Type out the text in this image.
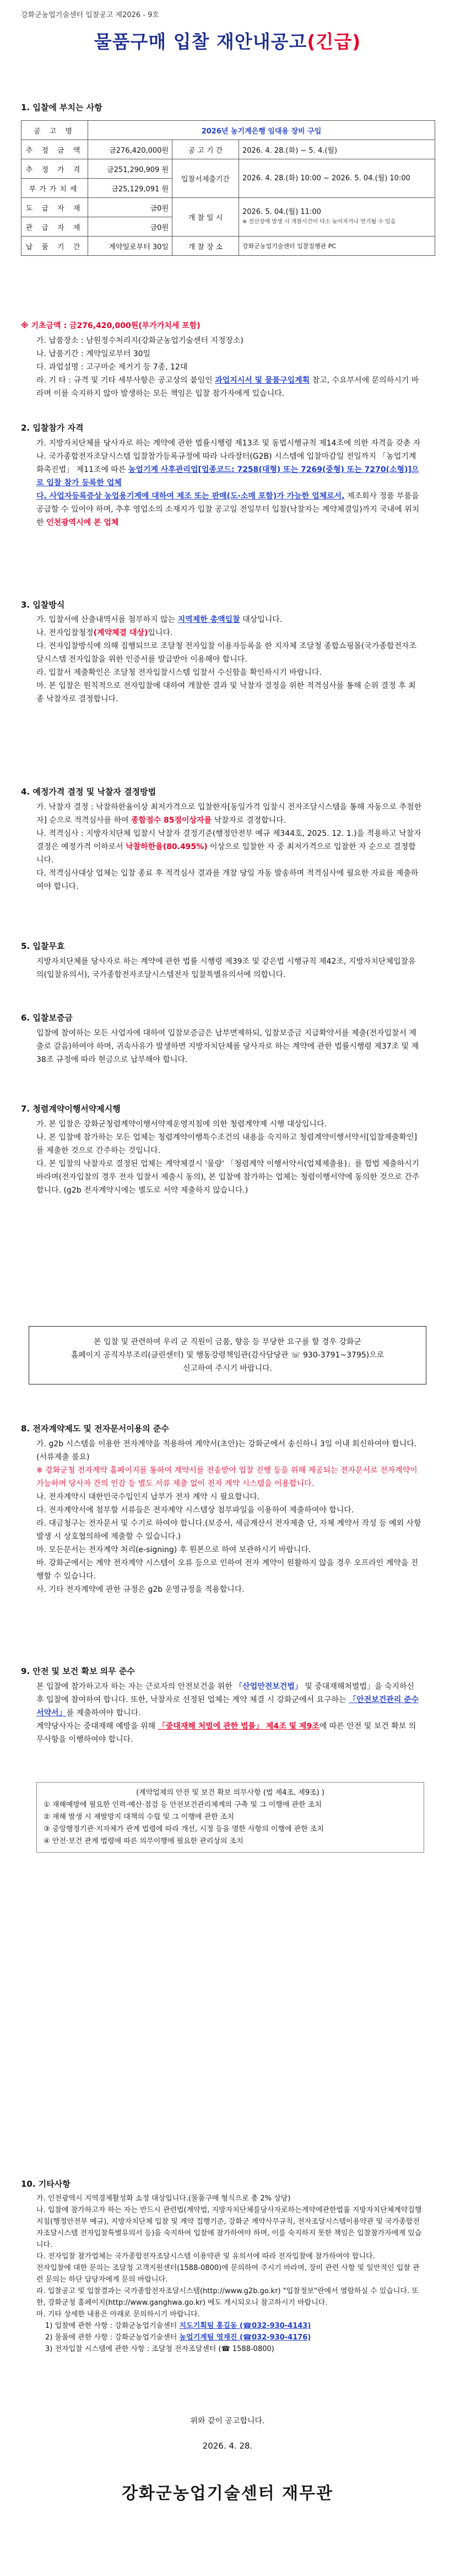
강화군농업기술센터 입찰공고 제2026 - 9호
물품구매 입찰 재안내공고(긴급)
1. 입찰에 부치는 사항
공 고 명	2026년 농기계은행 임대용 장비 구입		
추 정 금 액	금276,420,000원	공 고 기 간	2026. 4. 28.(화) ~ 5. 4.(월)
추 정 가 격	금251,290,909 원	입찰서제출기간	2026. 4. 28.(화) 10:00 ~ 2026. 5. 04.(월) 10:00
부가가치세	금25,129,091 원		
도 급 자 재	금0원	개 찰 일 시	2026. 5. 04.(월) 11:00
※ 전산장애 발생 시 개찰시간이 다소 늦어지거나 연기될 수 있음

관 급 자 재	금0원		
납 품 기 간	계약일로부터 30일	개 찰 장 소	강화군농업기술센터 입찰집행관 PC
※ 기초금액 : 금276,420,000원(부가가치세 포함)

가. 납품장소 : 남원정수처리지(강화군농업기술센터 지정장소)

나. 납품기간 : 계약일로부터 30일

다. 과업설명 : 고구마순 제거기 등 7종, 12대

라. 기 타 : 규격 및 기타 세부사항은 공고상의 붙임인 과업지시서 및 물품구입계획 참고, 수요부서에 문의하시기 바라며 이를 숙지하지 않아 발생하는 모든 책임은 입찰 참가자에게 있습니다.

2. 입찰참가 자격

가. 지방자치단체를 당사자로 하는 계약에 관한 법률시행령 제13조 및 동법시행규칙 제14조에 의한 자격을 갖춘 자

나. 국가종합전자조달시스템 입찰참가등록규정에 따라 나라장터(G2B) 시스템에 입찰마감일 전일까지 「농업기계화촉진법」 제11조에 따른 농업기계 사후관리업[업종코드: 7258(대형) 또는 7269(중형) 또는 7270(소형)]으로 입찰 참가 등록한 업체

다. 사업자등록증상 농업용기계에 대하여 제조 또는 판매(도·소매 포함)가 가능한 업체로서, 제조회사 정품 부품을 공급할 수 있어야 하며, 추후 영업소의 소재지가 입찰 공고일 전일부터 입찰(낙찰자는 계약체결일)까지 국내에 위치한 인천광역시에 본 업체

3. 입찰방식

가. 입찰서에 산출내역서를 첨부하지 않는 지역제한 총액입찰 대상입니다.

나. 전자입찰청정(계약체결 대상)입니다.

다. 전자입찰방식에 의해 집행되므로 조달청 전자입찰 이용자등록을 한 지자체 조달청 종합쇼핑몰(국가종합전자조달시스템 전자입찰을 위한 인증서를 발급받아 이용해야 합니다.

라. 입찰서 제출확인은 조달청 전자입찰시스템 입찰서 수신함을 확인하시기 바랍니다.

마. 본 입찰은 원칙적으로 전자입찰에 대하여 개찰한 결과 및 낙찰자 결정을 위한 적격심사를 통해 순위 결정 후 최종 낙찰자로 결정합니다.

4. 예정가격 결정 및 낙찰자 결정방법

가. 낙찰자 결정 : 낙찰하한율이상 최저가격으로 입찰한자[동일가격 입찰시 전자조달시스템을 통해 자동으로 추첨한 자] 순으로 적격심사를 하여 종합점수 85점이상자를 낙찰자로 결정합니다.

나. 적격심사 : 지방자치단체 입찰시 낙찰자 결정기준(행정안전부 예규 제344호, 2025. 12. 1.)을 적용하고 낙찰자 결정은 예정가격 이하로서 낙찰하한율(80.495%) 이상으로 입찰한 자 중 최저가격으로 입찰한 자 순으로 결정합니다.

다. 적격심사대상 업체는 입찰 종료 후 적격심사 결과를 개찰 당일 자동 발송하며 적격심사에 필요한 자료를 제출하여야 합니다.

5. 입찰무효
지방자치단체를 당사자로 하는 계약에 관한 법률 시행령 제39조 및 같은법 시행규칙 제42조, 지방자치단체입찰유의(입찰유의서), 국가종합전자조달시스템전자 입찰특별유의서에 의합니다.
6. 입찰보증금
입찰에 참여하는 모든 사업자에 대하여 입찰보증금은 납부면제하되, 입찰보증금 지급확약서를 제출(전자입찰서 제출로 갈음)하여야 하며, 귀속사유가 발생하면 지방자치단체를 당사자로 하는 계약에 관한 법률시행령 제37조 및 제38조 규정에 따라 현금으로 납부해야 합니다.
7. 청렴계약이행서약제시행

가. 본 입찰은 강화군청렴계약이행서약제운영지침에 의한 청렴계약제 시행 대상입니다.

나. 본 입찰에 참가하는 모든 업체는 청렴계약이행특수조건의 내용을 숙지하고 청렴계약이행서약서[입찰제출확인]를 제출한 것으로 간주하는 것입니다.

다. 본 입찰의 낙찰자로 결정된 업체는 계약체결시 '물량' 「청렴계약 이행서약서(업체제출용)」를 합법 제출하시기 바라며(전자입찰의 경우 전자 입찰서 제출시 동의), 본 입찰에 참가하는 업체는 청렴이행서약에 동의한 것으로 간주합니다. (g2b 전자계약시에는 별도로 서약 제출하지 않습니다.)

본 입찰 및 관련하여 우리 군 직원이 금품, 향응 등 부당한 요구를 할 경우 강화군
홈페이지 공직자부조리(클린센터) 및 행동강령책임관(감사담당관 ☏ 930-3791~3795)으로
신고하여 주시기 바랍니다.
8. 전자계약제도 및 전자문서이용의 준수

가. g2b 시스템을 이용한 전자계약을 적용하여 계약서(초안)는 강화군에서 송신하니 3일 이내 회신하여야 합니다.(서류제출 불요)

※ 강화군청 전자계약 홈페이지를 통하여 계약서를 전송받아 입찰 진행 등을 위해 제공되는 전자문서로 전자계약이 가능하며 당사자 간의 인감 등 별도 서류 제출 없이 전자 계약 시스템을 이용합니다.

나. 전자계약시 대한민국수입인지 납부가 전자 계약 시 필요합니다.

다. 전자계약서에 첨부할 서류들은 전자계약 시스템상 첨부파일을 이용하여 제출하여야 합니다.

라. 대금청구는 전자문서 및 수기로 하여야 합니다.(보증서, 세금계산서 전자제출 단, 자체 계약서 작성 등 예외 사항 발생 시 상호협의하에 제출할 수 있습니다.)

마. 모든문서는 전자계약 처리(e-signing) 후 원본으로 하여 보관하시기 바랍니다.

바. 강화군에서는 계약 전자계약 시스템이 오류 등으로 인하여 전자 계약이 원활하지 않을 경우 오프라인 계약을 진행할 수 있습니다.

사. 기타 전자계약에 관한 규정은 g2b 운영규정을 적용합니다.

9. 안전 및 보건 확보 의무 준수

본 입찰에 참가하고자 하는 자는 근로자의 안전보건을 위한 「산업안전보건법」 및 중대재해처벌법」을 숙지하신 후 입찰에 참여하여 합니다. 또한, 낙찰자로 선정된 업체는 계약 체결 시 강화군에서 요구하는 「안전보건관리 준수 서약서」를 제출하여야 합니다.

계약당사자는 중대재해 예방을 위해 「중대재해 처벌에 관한 법률」 제4조 및 제9조에 따른 안전 및 보건 확보 의무사항을 이행하여야 합니다.

(계약업체의 안전 및 보건 확보 의무사항 (법 제4조, 제9조) )
① 재해예방에 필요한 인력·예산·점검 등 안전보건관리체계의 구축 및 그 이행에 관한 조치
② 재해 발생 시 재발방지 대책의 수립 및 그 이행에 관한 조치
③ 중앙행정기관·지자체가 관계 법령에 따라 개선, 시정 등을 명한 사항의 이행에 관한 조치
④ 안전·보건 관계 법령에 따른 의무이행에 필요한 관리상의 조치
10. 기타사항

가. 인천광역시 지역경제활성화 소정 대상입니다.(물품구매 형식으로 총 2% 상당)

나. 입찰에 참가하고자 하는 자는 반드시 관련법(계약법, 지방자치단체를당사자로하는계약에관한법률 지방자치단체계약집행지침(행정안전부 예규), 지방자치단체 입찰 및 계약 집행기준, 강화군 계약사무규칙, 전자조달시스템이용약관 및 국가종합전자조달시스템 전자입찰특별유의서 등)을 숙지하여 입찰에 참가하여야 하며, 이를 숙지하지 못한 책임은 입찰참가자에게 있습니다.

다. 전자입찰 참가업체는 국가종합전자조달시스템 이용약관 및 유의서에 따라 전자입찰에 참가하여야 합니다.

전자입찰에 대한 문의는 조달청 고객지원센터(1588-0800)에 문의하여 주시기 바라며, 장비 관련 사항 및 일반적인 입찰 관련 문의는 하단 담당자에게 문의 바랍니다.

라. 입찰공고 및 입찰결과는 국가종합전자조달시스템(http://www.g2b.go.kr) "입찰정보"란에서 열람하실 수 있습니다. 또한, 강화군청 홈페이지(http://www.ganghwa.go.kr) 에도 게시되오니 참고하시기 바랍니다.

마. 기타 상세한 내용은 아래로 문의하시기 바랍니다.

1) 입찰에 관한 사항 : 강화군농업기술센터 지도기획팀 홍길동 (☎032-930-4143)

2) 물품에 관한 사항 : 강화군농업기술센터 농업기계팀 영재진 (☎032-930-4176)

3) 전자입찰 시스템에 관한 사항 : 조달청 전자조달센터 (☎ 1588-0800)

위와 같이 공고합니다.
2026. 4. 28.
강화군농업기술센터 재무관
